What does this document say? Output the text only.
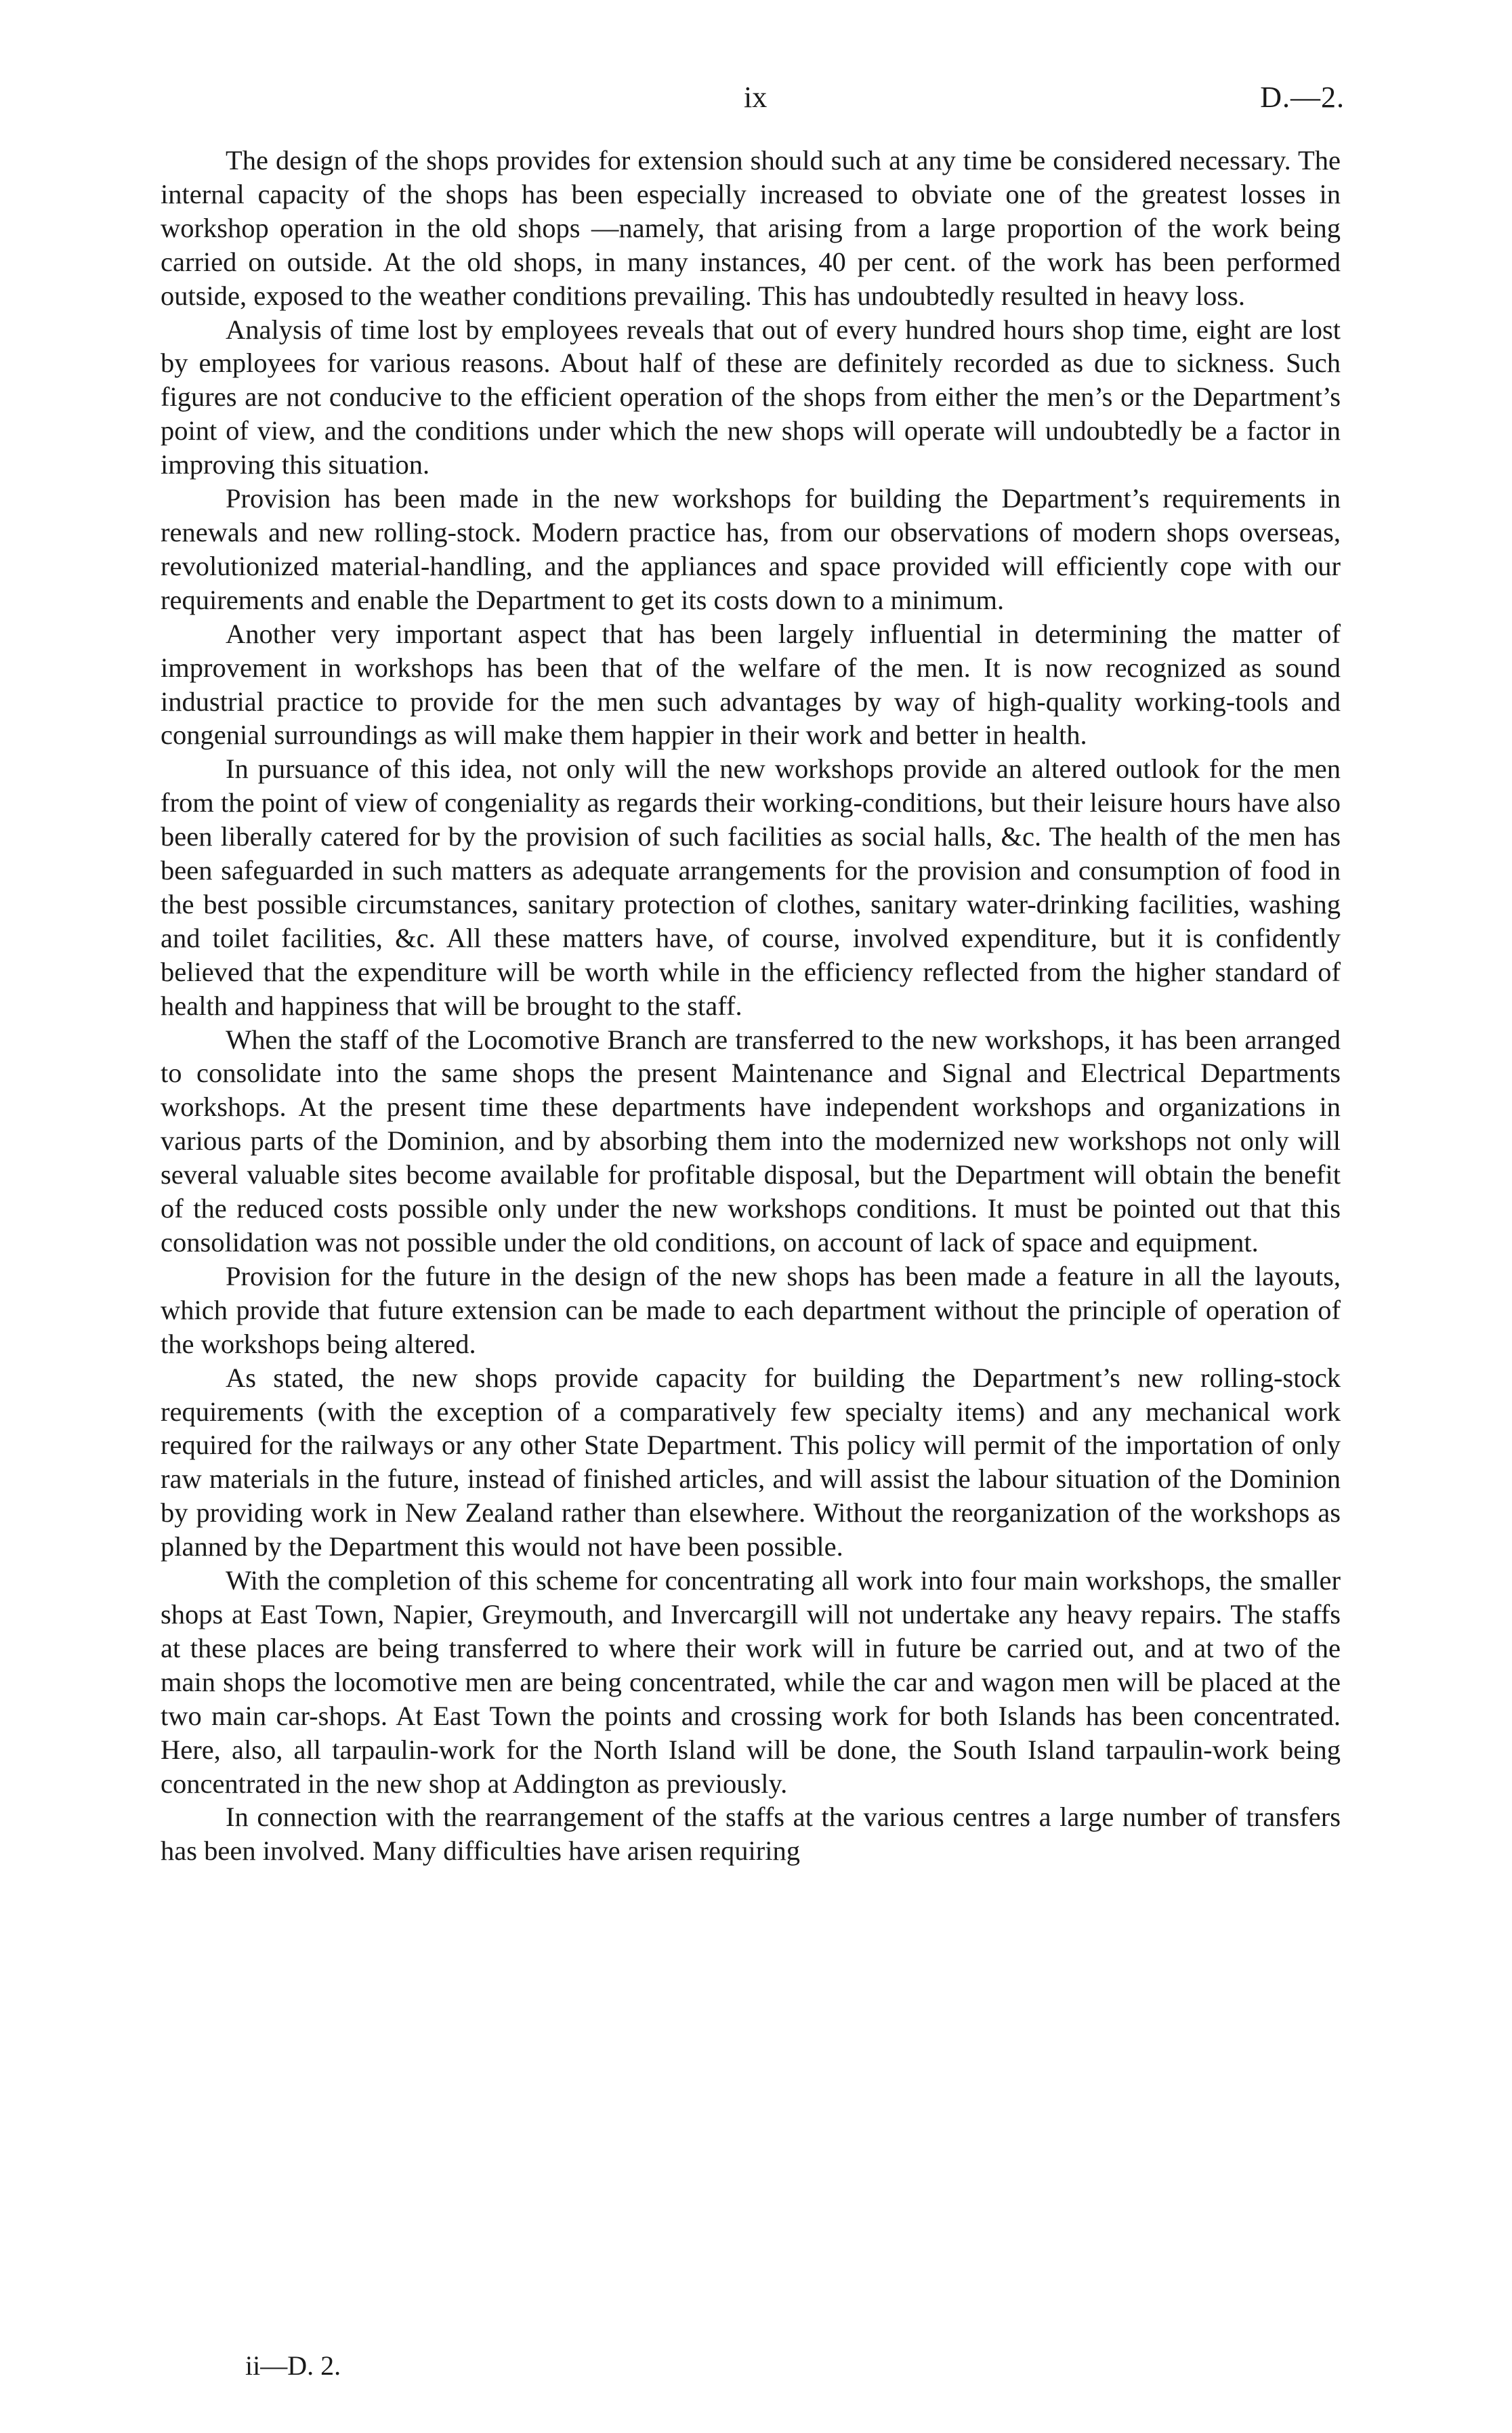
ix	D.—2.

The design of the shops provides for extension should such at any time be considered necessary. The internal capacity of the shops has been especially increased to obviate one of the greatest losses in workshop operation in the old shops —namely, that arising from a large proportion of the work being carried on outside. At the old shops, in many instances, 40 per cent. of the work has been performed outside, exposed to the weather conditions prevailing. This has undoubtedly resulted in heavy loss.

Analysis of time lost by employees reveals that out of every hundred hours shop time, eight are lost by employees for various reasons. About half of these are definitely recorded as due to sickness. Such figures are not conducive to the efficient operation of the shops from either the men’s or the Department’s point of view, and the conditions under which the new shops will operate will undoubtedly be a factor in improving this situation.

Provision has been made in the new workshops for building the Department’s requirements in renewals and new rolling-stock. Modern practice has, from our observations of modern shops overseas, revolutionized material-handling, and the appliances and space provided will efficiently cope with our requirements and enable the Department to get its costs down to a minimum.

Another very important aspect that has been largely influential in determining the matter of improvement in workshops has been that of the welfare of the men. It is now recognized as sound industrial practice to provide for the men such advantages by way of high-quality working-tools and congenial surroundings as will make them happier in their work and better in health.

In pursuance of this idea, not only will the new workshops provide an altered outlook for the men from the point of view of congeniality as regards their working-conditions, but their leisure hours have also been liberally catered for by the provision of such facilities as social halls, &c. The health of the men has been safeguarded in such matters as adequate arrangements for the provision and consumption of food in the best possible circumstances, sanitary protection of clothes, sanitary water-drinking facilities, washing and toilet facilities, &c. All these matters have, of course, involved expenditure, but it is confidently believed that the expenditure will be worth while in the efficiency reflected from the higher standard of health and happiness that will be brought to the staff.

When the staff of the Locomotive Branch are transferred to the new workshops, it has been arranged to consolidate into the same shops the present Maintenance and Signal and Electrical Departments workshops. At the present time these departments have independent workshops and organizations in various parts of the Dominion, and by absorbing them into the modernized new workshops not only will several valuable sites become available for profitable disposal, but the Department will obtain the benefit of the reduced costs possible only under the new workshops conditions. It must be pointed out that this consolidation was not possible under the old conditions, on account of lack of space and equipment.

Provision for the future in the design of the new shops has been made a feature in all the layouts, which provide that future extension can be made to each department without the principle of operation of the workshops being altered.

As stated, the new shops provide capacity for building the Department’s new rolling-stock requirements (with the exception of a comparatively few specialty items) and any mechanical work required for the railways or any other State Department. This policy will permit of the importation of only raw materials in the future, instead of finished articles, and will assist the labour situation of the Dominion by providing work in New Zealand rather than elsewhere. Without the reorganization of the workshops as planned by the Department this would not have been possible.

With the completion of this scheme for concentrating all work into four main workshops, the smaller shops at East Town, Napier, Greymouth, and Invercargill will not undertake any heavy repairs. The staffs at these places are being transferred to where their work will in future be carried out, and at two of the main shops the locomotive men are being concentrated, while the car and wagon men will be placed at the two main car-shops. At East Town the points and crossing work for both Islands has been concentrated. Here, also, all tarpaulin-work for the North Island will be done, the South Island tarpaulin-work being concentrated in the new shop at Addington as previously.

In connection with the rearrangement of the staffs at the various centres a large number of transfers has been involved. Many difficulties have arisen requiring

ii—D. 2.
